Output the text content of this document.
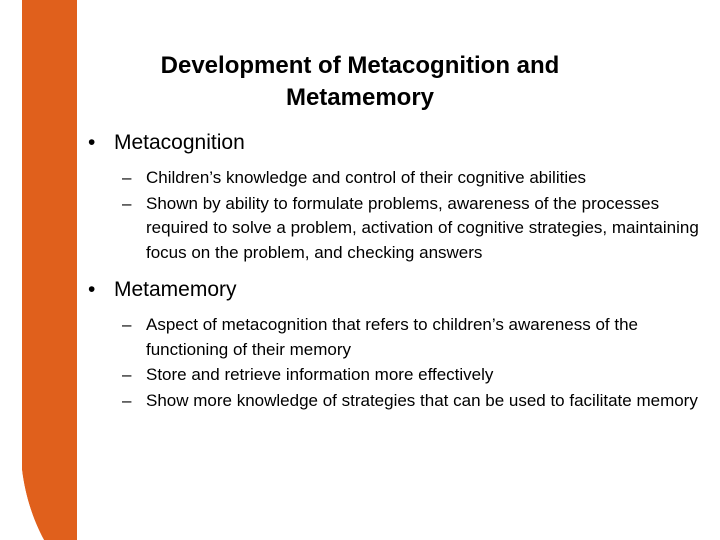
Development of Metacognition and
Metamemory

• Metacognition

– Children’s knowledge and control of their cognitive abilities

– Shown by ability to formulate problems, awareness of the processes required to solve a problem, activation of cognitive strategies, maintaining focus on the problem, and checking answers

• Metamemory

– Aspect of metacognition that refers to children’s awareness of the functioning of their memory

– Store and retrieve information more effectively

– Show more knowledge of strategies that can be used to facilitate memory
